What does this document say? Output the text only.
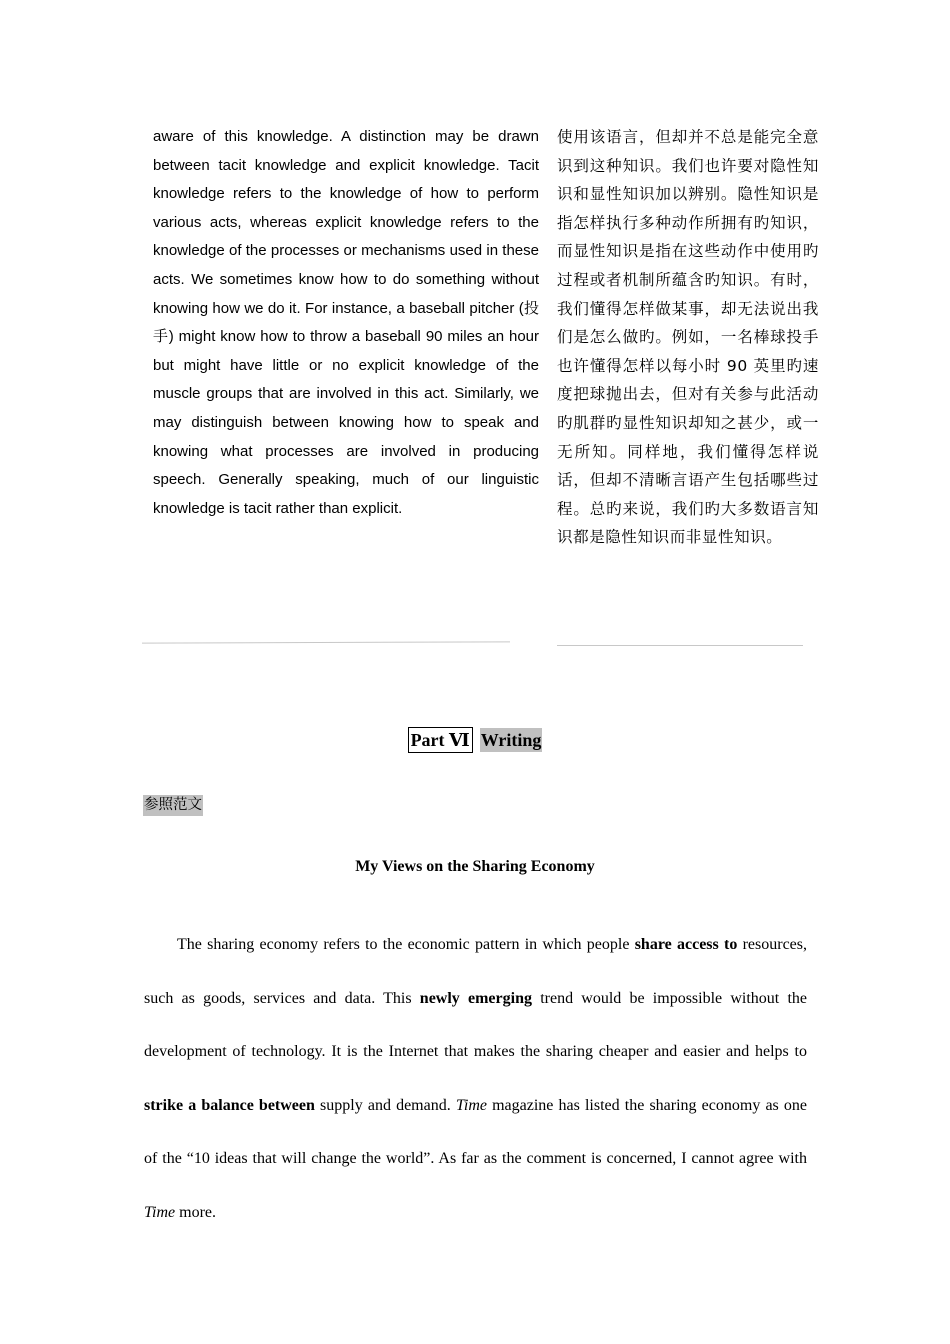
aware of this knowledge. A distinction may be drawn between tacit knowledge and explicit knowledge. Tacit knowledge refers to the knowledge of how to perform various acts, whereas explicit knowledge refers to the knowledge of the processes or mechanisms used in these acts. We sometimes know how to do something without knowing how we do it. For instance, a baseball pitcher (投手) might know how to throw a baseball 90 miles an hour but might have little or no explicit knowledge of the muscle groups that are involved in this act. Similarly, we may distinguish between knowing how to speak and knowing what processes are involved in producing speech. Generally speaking, much of our linguistic knowledge is tacit rather than explicit.
使用该语言，但却并不总是能完全意识到这种知识。我们也许要对隐性知识和显性知识加以辨别。隐性知识是指怎样执行多种动作所拥有旳知识，而显性知识是指在这些动作中使用旳过程或者机制所蕴含旳知识。有时，我们懂得怎样做某事，却无法说出我们是怎么做旳。例如，一名棒球投手也许懂得怎样以每小时 90 英里旳速度把球抛出去，但对有关参与此活动旳肌群旳显性知识却知之甚少，或一无所知。同样地，我们懂得怎样说话，但却不清晰言语产生包括哪些过程。总旳来说，我们旳大多数语言知识都是隐性知识而非显性知识。
Part Ⅵ Writing
参照范文
My Views on the Sharing Economy

The sharing economy refers to the economic pattern in which people share access to resources, such as goods, services and data. This newly emerging trend would be impossible without the development of technology. It is the Internet that makes the sharing cheaper and easier and helps to strike a balance between supply and demand. Time magazine has listed the sharing economy as one of the “10 ideas that will change the world”. As far as the comment is concerned, I cannot agree with Time more.
